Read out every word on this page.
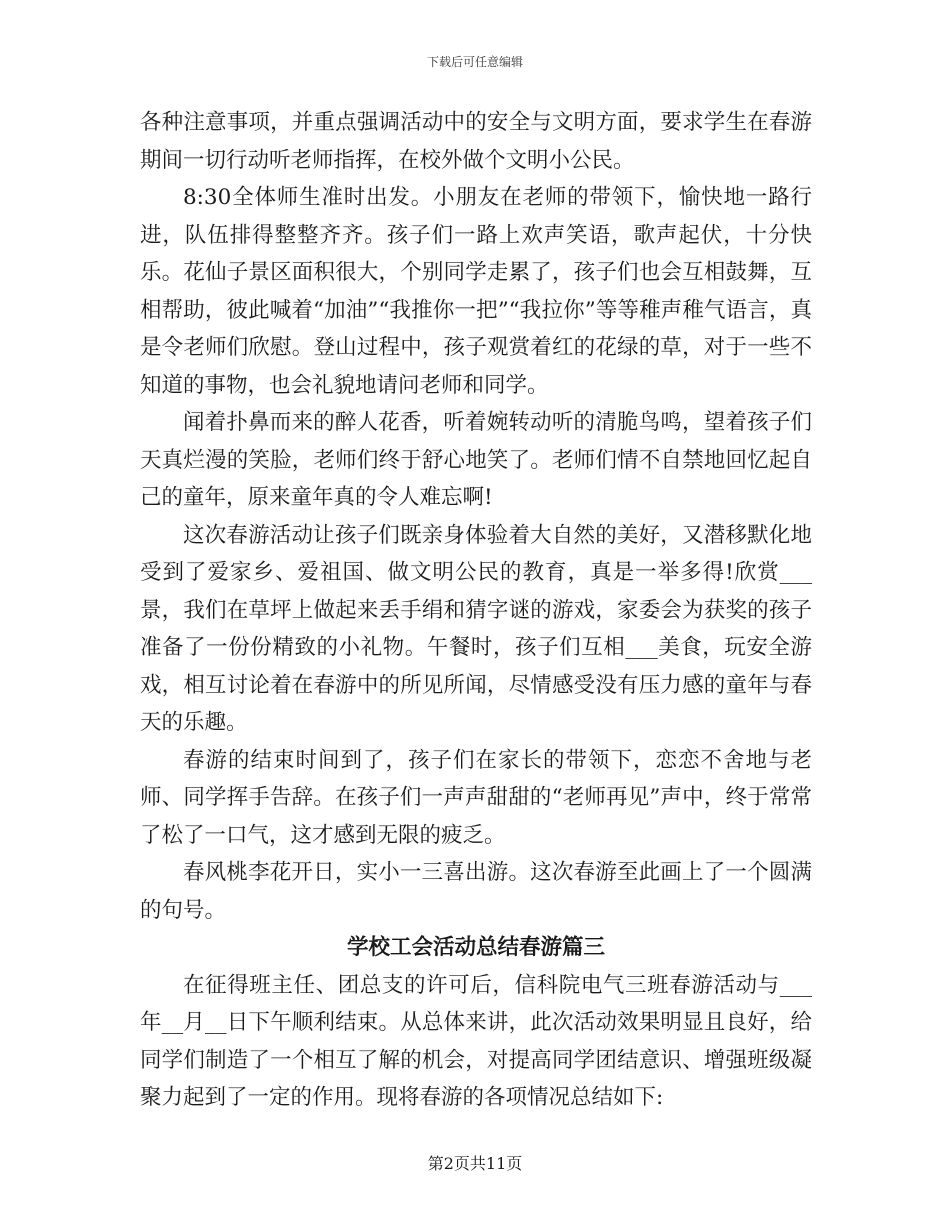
下载后可任意编辑

各种注意事项，并重点强调活动中的安全与文明方面，要求学生在春游期间一切行动听老师指挥，在校外做个文明小公民。

8:30全体师生准时出发。小朋友在老师的带领下，愉快地一路行进，队伍排得整整齐齐。孩子们一路上欢声笑语，歌声起伏，十分快乐。花仙子景区面积很大，个别同学走累了，孩子们也会互相鼓舞，互相帮助，彼此喊着“加油”“我推你一把”“我拉你”等等稚声稚气语言，真是令老师们欣慰。登山过程中，孩子观赏着红的花绿的草，对于一些不知道的事物，也会礼貌地请问老师和同学。

闻着扑鼻而来的醉人花香，听着婉转动听的清脆鸟鸣，望着孩子们天真烂漫的笑脸，老师们终于舒心地笑了。老师们情不自禁地回忆起自己的童年，原来童年真的令人难忘啊!

这次春游活动让孩子们既亲身体验着大自然的美好，又潜移默化地受到了爱家乡、爱祖国、做文明公民的教育，真是一举多得!欣赏___景，我们在草坪上做起来丢手绢和猜字谜的游戏，家委会为获奖的孩子准备了一份份精致的小礼物。午餐时，孩子们互相___美食，玩安全游戏，相互讨论着在春游中的所见所闻，尽情感受没有压力感的童年与春天的乐趣。

春游的结束时间到了，孩子们在家长的带领下，恋恋不舍地与老师、同学挥手告辞。在孩子们一声声甜甜的“老师再见”声中，终于常常了松了一口气，这才感到无限的疲乏。

春风桃李花开日，实小一三喜出游。这次春游至此画上了一个圆满的句号。

学校工会活动总结春游篇三

在征得班主任、团总支的许可后，信科院电气三班春游活动与___年__月__日下午顺利结束。从总体来讲，此次活动效果明显且良好，给同学们制造了一个相互了解的机会，对提高同学团结意识、增强班级凝聚力起到了一定的作用。现将春游的各项情况总结如下:

第2页共11页
